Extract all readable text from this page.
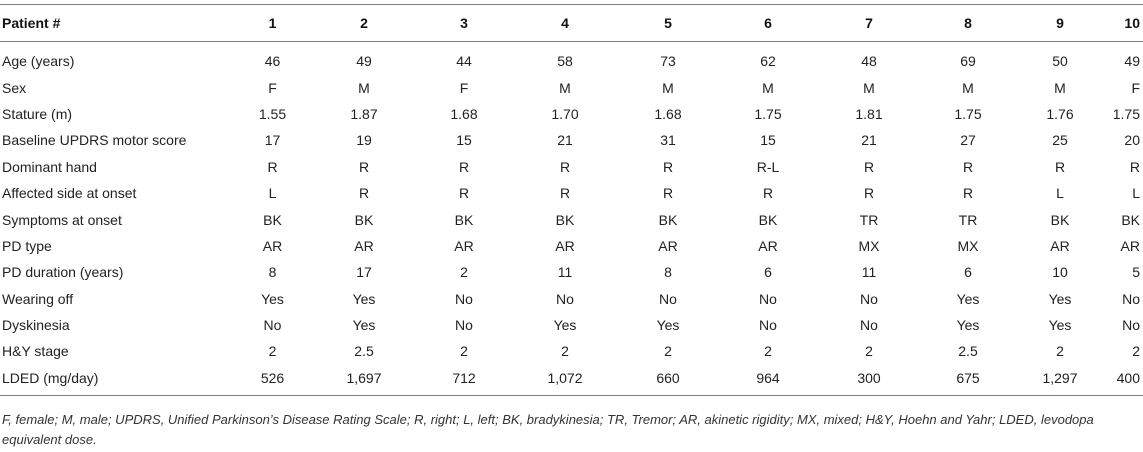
Patient #	1	2	3	4	5	6	7	8	9	10
Age (years)	46	49	44	58	73	62	48	69	50	49
Sex	F	M	F	M	M	M	M	M	M	F
Stature (m)	1.55	1.87	1.68	1.70	1.68	1.75	1.81	1.75	1.76	1.75
Baseline UPDRS motor score	17	19	15	21	31	15	21	27	25	20
Dominant hand	R	R	R	R	R	R-L	R	R	R	R
Affected side at onset	L	R	R	R	R	R	R	R	L	L
Symptoms at onset	BK	BK	BK	BK	BK	BK	TR	TR	BK	BK
PD type	AR	AR	AR	AR	AR	AR	MX	MX	AR	AR
PD duration (years)	8	17	2	11	8	6	11	6	10	5
Wearing off	Yes	Yes	No	No	No	No	No	Yes	Yes	No
Dyskinesia	No	Yes	No	Yes	Yes	No	No	Yes	Yes	No
H&Y stage	2	2.5	2	2	2	2	2	2.5	2	2
LDED (mg/day)	526	1,697	712	1,072	660	964	300	675	1,297	400
F, female; M, male; UPDRS, Unified Parkinson’s Disease Rating Scale; R, right; L, left; BK, bradykinesia; TR, Tremor; AR, akinetic rigidity; MX, mixed; H&Y, Hoehn and Yahr; LDED, levodopa equivalent dose.
